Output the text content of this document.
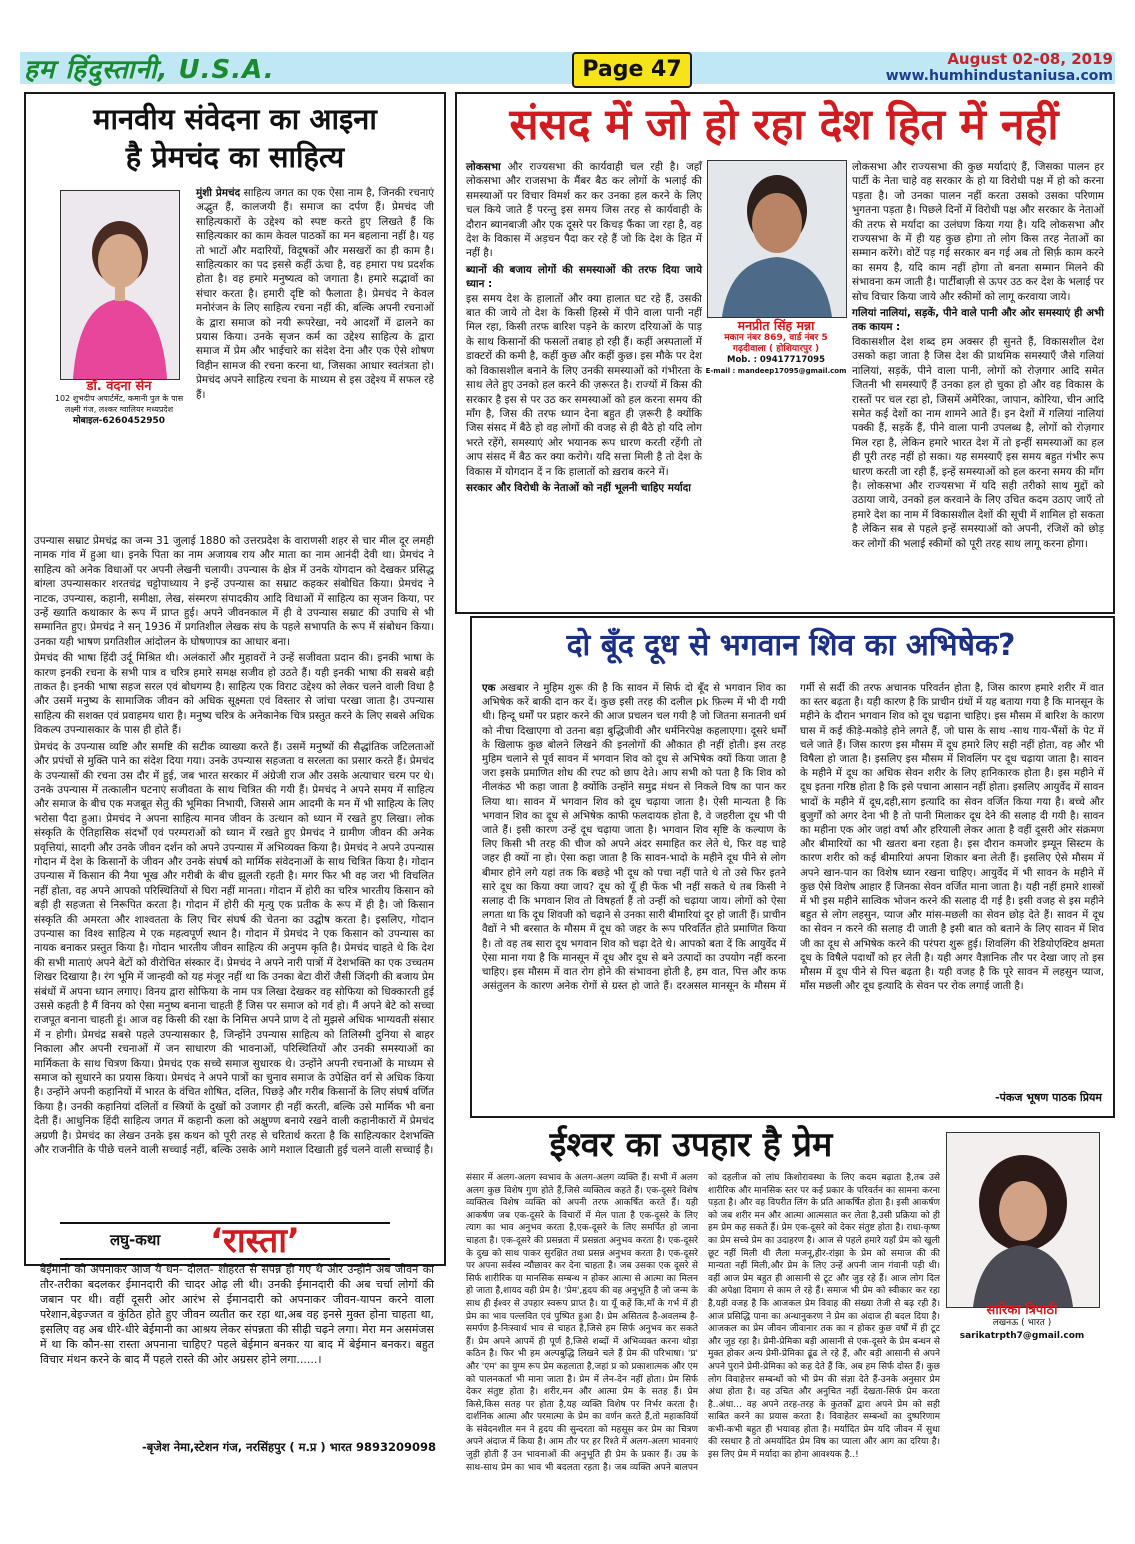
हम हिंदुस्तानी, U.S.A.	Page 47	August 02-08, 2019
www.humhindustaniusa.com
मानवीय संवेदना का आइना
है प्रेमचंद का साहित्य
डॉ. वंदना सेन
102 शुभदीप अपार्टमेंट, कमानी पुल के पास
लक्ष्मी गंज, लश्कर ग्वालियर मध्यप्रदेश
मोबाइल-6260452950
मुंशी प्रेमचंद साहित्य जगत का एक ऐसा नाम है, जिनकी रचनाएं अद्भुत हैं, कालजयी हैं। समाज का दर्पण हैं। प्रेमचंद जी साहित्यकारों के उद्देश्य को स्पष्ट करते हुए लिखते हैं कि साहित्यकार का काम केवल पाठकों का मन बहलाना नहीं है। यह तो भाटों और मदारियों, विदूषकों और मसखरों का ही काम है। साहित्यकार का पद इससे कहीं ऊंचा है, वह हमारा पथ प्रदर्शक होता है। वह हमारे मनुष्यत्व को जगाता है। हमारे सद्भावों का संचार करता है। हमारी दृष्टि को फैलाता है। प्रेमचंद ने केवल मनोरंजन के लिए साहित्य रचना नहीं की, बल्कि अपनी रचनाओं के द्वारा समाज को नयी रूपरेखा, नये आदर्शों में ढालने का प्रयास किया। उनके सृजन कर्म का उद्देश्य साहित्य के द्वारा समाज में प्रेम और भाईचारे का संदेश देना और एक ऐसे शोषण विहीन सामज की रचना करना था, जिसका आधार स्वतंत्रता हो। प्रेमचंद अपने साहित्य रचना के माध्यम से इस उद्देश्य में सफल रहे हैं।

उपन्यास सम्राट प्रेमचंद्र का जन्म 31 जुलाई 1880 को उत्तरप्रदेश के वाराणसी शहर से चार मील दूर लमही नामक गांव में हुआ था। इनके पिता का नाम अजायब राय और माता का नाम आनंदी देवी था। प्रेमचंद ने साहित्य को अनेक विधाओं पर अपनी लेखनी चलायी। उपन्यास के क्षेत्र में उनके योगदान को देखकर प्रसिद्ध बांग्ला उपन्यासकार शरतचंद्र चट्टोपाध्याय ने इन्हें उपन्यास का सम्राट कहकर संबोधित किया। प्रेमचंद ने नाटक, उपन्यास, कहानी, समीक्षा, लेख, संस्मरण संपादकीय आदि विधाओं में साहित्य का सृजन किया, पर उन्हें ख्याति कथाकार के रूप में प्राप्त हुई। अपने जीवनकाल में ही वे उपन्यास सम्राट की उपाधि से भी सम्मानित हुए। प्रेमचंद्र ने सन् 1936 में प्रगतिशील लेखक संघ के पहले सभापति के रूप में संबोधन किया। उनका यही भाषण प्रगतिशील आंदोलन के घोषणापत्र का आधार बना।

प्रेमचंद की भाषा हिंदी उर्दू मिश्रित थी। अलंकारों और मुहावरों ने उन्हें सजीवता प्रदान की। इनकी भाषा के कारण इनकी रचना के सभी पात्र व चरित्र हमारे समक्ष सजीव हो उठते हैं। यही इनकी भाषा की सबसे बड़ी ताकत है। इनकी भाषा सहज सरल एवं बोधगम्य है। साहित्य एक विराट उद्देश्य को लेकर चलने वाली विधा है और उसमें मनुष्य के सामाजिक जीवन को अधिक सूक्ष्मता एवं विस्तार से जांचा परखा जाता है। उपन्यास साहित्य की सशक्त एवं प्रवाहमय धारा है। मनुष्य चरित्र के अनेकानेक चित्र प्रस्तुत करने के लिए सबसे अधिक विकल्प उपन्यासकार के पास ही होते हैं।

प्रेमचंद के उपन्यास व्यष्टि और समष्टि की सटीक व्याख्या करते हैं। उसमें मनुष्यों की सैद्धांतिक जटिलताओं और प्रपंचों से मुक्ति पाने का संदेश दिया गया। उनके उपन्यास सहजता व सरलता का प्रसार करते हैं। प्रेमचंद के उपन्यासों की रचना उस दौर में हुई, जब भारत सरकार में अंग्रेजी राज और उसके अत्याचार चरम पर थे। उनके उपन्यास में तत्कालीन घटनाएं सजीवता के साथ चित्रित की गयी हैं। प्रेमचंद ने अपने समय में साहित्य और समाज के बीच एक मजबूत सेतु की भूमिका निभायी, जिससे आम आदमी के मन में भी साहित्य के लिए भरोसा पैदा हुआ। प्रेमचंद ने अपना साहित्य मानव जीवन के उत्थान को ध्यान में रखते हुए लिखा। लोक संस्कृति के ऐतिहासिक संदर्भों एवं परम्पराओं को ध्यान में रखते हुए प्रेमचंद ने ग्रामीण जीवन की अनेक प्रवृत्तियां, सादगी और उनके जीवन दर्शन को अपने उपन्यास में अभिव्यक्त किया है। प्रेमचंद ने अपने उपन्यास गोदान में देश के किसानों के जीवन और उनके संघर्ष को मार्मिक संवेदनाओं के साथ चित्रित किया है। गोदान उपन्यास में किसान की नैया भूख और गरीबी के बीच झूलती रहती है। मगर फिर भी वह जरा भी विचलित नहीं होता, वह अपने आपको परिस्थितियों से घिरा नहीं मानता। गोदान में होरी का चरित्र भारतीय किसान को बड़ी ही सहजता से निरूपित करता है। गोदान में होरी की मृत्यु एक प्रतीक के रूप में ही है। जो किसान संस्कृति की अमरता और शाश्वतता के लिए चिर संघर्ष की चेतना का उद्घोष करता है। इसलिए, गोदान उपन्यास का विश्व साहित्य मे एक महत्वपूर्ण स्थान है। गोदान में प्रेमचंद ने एक किसान को उपन्यास का नायक बनाकर प्रस्तुत किया है। गोदान भारतीय जीवन साहित्य की अनुपम कृति है। प्रेमचंद चाहते थे कि देश की सभी माताएं अपने बेटों को वीरोचित संस्कार दें। प्रेमचंद ने अपने नारी पात्रों में देशभक्ति का एक उच्चतम शिखर दिखाया है। रंग भूमि में जान्हवी को यह मंजूर नहीं था कि उनका बेटा वीरों जैसी जिंदगी की बजाय प्रेम संबंधों में अपना ध्यान लगाए। विनय द्वारा सोफिया के नाम पत्र लिखा देखकर वह सोफिया को धिक्कारती हुई उससे कहती है मैं विनय को ऐसा मनुष्य बनाना चाहती हैं जिस पर समाज को गर्व हो। मैं अपने बेटे को सच्चा राजपूत बनाना चाहती हूं। आज वह किसी की रक्षा के निमित्त अपने प्राण दे तो मुझसे अधिक भाग्यवती संसार में न होगी। प्रेमचंद्र सबसे पहले उपन्यासकार है, जिन्होंने उपन्यास साहित्य को तिलिस्मी दुनिया से बाहर निकाला और अपनी रचनाओं में जन साधारण की भावनाओं, परिस्थितियों और उनकी समस्याओं का मार्मिकता के साथ चित्रण किया। प्रेमचंद एक सच्चे समाज सुधारक थे। उन्होंने अपनी रचनाओं के माध्यम से समाज को सुधारने का प्रयास किया। प्रेमचंद ने अपने पात्रों का चुनाव समाज के उपेक्षित वर्ग से अधिक किया है। उन्होंने अपनी कहानियों में भारत के वंचित शोषित, दलित, पिछड़े और गरीब किसानों के लिए संघर्ष वर्णित किया है। उनकी कहानियां दलितों व स्त्रियों के दुखों को उजागर ही नहीं करती, बल्कि उसे मार्मिक भी बना देती हैं। आधुनिक हिंदी साहित्य जगत में कहानी कला को अक्षुण्ण बनाये रखने वाली कहानीकारों में प्रेमचंद अग्रणी है। प्रेमचंद का लेखन उनके इस कथन को पूरी तरह से चरितार्थ करता है कि साहित्यकार देशभक्ति और राजनीति के पीछे चलने वाली सच्चाई नहीं, बल्कि उसके आगे मशाल दिखाती हुई चलने वाली सच्चाई है।

लघु-कथा ‘रास्ता’
बेईमानी को अपनाकर आज ये धन- दौलत- शोहरत से संपन्न हो गए थे और उन्होंने अब जीवन का तौर-तरीका बदलकर ईमानदारी की चादर ओढ़ ली थी। उनकी ईमानदारी की अब चर्चा लोगों की जबान पर थी। वहीं दूसरी ओर आरंभ से ईमानदारी को अपनाकर जीवन-यापन करने वाला परेशान,बेइज्जत व कुंठित होते हुए जीवन व्यतीत कर रहा था,अब वह इनसे मुक्त होना चाहता था, इसलिए वह अब धीरे-धीरे बेईमानी का आश्रय लेकर संपन्नता की सीढ़ी चढ़ने लगा। मेरा मन असमंजस में था कि कौन-सा रास्ता अपनाना चाहिए? पहले बेईमान बनकर या बाद में बेईमान बनकर। बहुत विचार मंथन करने के बाद मैं पहले रास्ते की ओर अग्रसर होने लगा......।
-बृजेश नेमा,स्टेशन गंज, नरसिंहपुर ( म.प्र ) भारत 9893209098
संसद में जो हो रहा देश हित में नहीं
लोकसभा और राज्यसभा की कार्यवाही चल रही है। जहाँ लोकसभा और राजसभा के मैंबर बैठ कर लोगों के भलाई की समस्याओं पर विचार विमर्श कर कर उनका हल करने के लिए चल किये जाते हैं परन्तु इस समय जिस तरह से कार्यवाही के दौरान ब्यानबाजी और एक दूसरे पर किचड़ फैंका जा रहा है, वह देश के विकास में अड़चन पैदा कर रहे हैं जो कि देश के हित में नहीं है।
ब्यानों की बजाय लोगों की समस्याओं की तरफ दिया जाये ध्यान :
इस समय देश के हालातों और क्या हालात घट रहे हैं, उसकी बात की जाये तो देश के किसी हिस्से में पीने वाला पानी नहीं मिल रहा, किसी तरफ बारिश पड़ने के कारण दरियाओं के पाड़ के साथ किसानों की फसलों तबाह हो रही हैं। कहीं अस्पतालों में डाक्टरों की कमी है, कहीं कुछ और कहीं कुछ। इस मौके पर देश को विकासशील बनाने के लिए उनकी समस्याओं को गंभीरता के साथ लेते हुए उनको हल करने की ज़रूरत है। राज्यों में किस की सरकार है इस से पर उठ कर समस्याओं को हल करना समय की माँग है, जिस की तरफ ध्यान देना बहुत ही ज़रूरी है क्योंकि जिस संसद में बैठे हो वह लोगों की वजह से ही बैठे हो यदि लोग भरते रहेंगे, समस्याएं ओर भयानक रूप धारण करती रहेंगी तो आप संसद में बैठ कर क्या करोगे। यदि सत्ता मिली है तो देश के विकास में योगदान दें न कि हालातों को ख़राब करने में।
सरकार और विरोधी के नेताओं को नहीं भूलनी चाहिए मर्यादा
मनप्रीत सिंह मन्ना
मकान नंबर 869, वार्ड नंबर 5
गढ़दीवाला ( होशियारपुर )
Mob. : 09417717095
E-mail : mandeep17095@gmail.com
लोकसभा और राज्यसभा की कुछ मर्यादाएं हैं, जिसका पालन हर पार्टी के नेता चाहे वह सरकार के हो या विरोधी पक्ष में हो को करना पड़ता है। जो उनका पालन नहीं करता उसको उसका परिणाम भुगतना पड़ता है। पिछले दिनों में विरोधी पक्ष और सरकार के नेताओं की तरफ से मर्यादा का उलंघण किया गया है। यदि लोकसभा और राज्यसभा के में ही यह कुछ होगा तो लोग किस तरह नेताओं का सम्मान करेंगे। वोटें पड़ गई सरकार बन गई अब तो सिर्फ़ काम करने का समय है, यदि काम नहीं होगा तो बनता सम्मान मिलने की संभावना कम जाती है। पार्टीबाज़ी से ऊपर उठ कर देश के भलाई पर सोच विचार किया जाये और स्कीमों को लागू करवाया जाये।
गलियां नालियां, सड़कें, पीने वाले पानी और ओर समस्याएं ही अभी तक कायम :
विकासशील देश शब्द हम अक्सर ही सुनते हैं, विकासशील देश उसको कहा जाता है जिस देश की प्राथमिक समस्याएँ जैसे गलियां नालियां, सड़कें, पीने वाला पानी, लोगों को रोज़गार आदि समेत जितनी भी समस्याएँ हैं उनका हल हो चुका हो और वह विकास के रास्तों पर चल रहा हो, जिसमें अमेरिका, जापान, कोरिया, चीन आदि समेत कई देशों का नाम शामने आते हैं। इन देशों में गलियां नालियां पक्की हैं, सड़कें हैं, पीने वाला पानी उपलब्ध है, लोगों को रोज़गार मिल रहा है, लेकिन हमारे भारत देश में तो इन्हीं समस्याओं का हल ही पूरी तरह नहीं हो सका। यह समस्याएँ इस समय बहुत गंभीर रूप धारण करती जा रही हैं, इन्हें समस्याओं को हल करना समय की माँग है। लोकसभा और राज्यसभा में यदि सही तरीको साथ मुद्दों को उठाया जाये, उनको हल करवाने के लिए उचित कदम उठाए जाएँ तो हमारे देश का नाम में विकासशील देशों की सूची में शामिल हो सकता है लेकिन सब से पहले इन्हें समस्याओं को अपनी, रंजिशें को छोड़ कर लोगों की भलाई स्कीमों को पूरी तरह साथ लागू करना होगा।
दो बूँद दूध से भगवान शिव का अभिषेक?
एक अखबार ने मुहिम शुरू की है कि सावन में सिर्फ दो बूँद से भगवान शिव का अभिषेक करें बाकी दान कर दें। कुछ इसी तरह की दलील pk फ़िल्म में भी दी गयी थी। हिन्दू धर्मों पर प्रहार करने की आज प्रचलन चल गयी है जो जितना सनातनी धर्म को नीचा दिखाएगा वो उतना बड़ा बुद्धिजीवी और धर्मनिरपेक्ष कहलाएगा। दूसरे धर्मों के खिलाफ कुछ बोलने लिखने की इनलोगों की औकात ही नहीं होती। इस तरह मुहिम चलाने से पूर्व सावन में भगवान शिव को दूध से अभिषेक क्यों किया जाता है जरा इसके प्रमाणित शोध की रपट को छाप देते। आप सभी को पता है कि शिव को नीलकंठ भी कहा जाता है क्योंकि उन्होंने समुद्र मंथन से निकले विष का पान कर लिया था। सावन में भगवान शिव को दूध चढ़ाया जाता है। ऐसी मान्यता है कि भगवान शिव का दूध से अभिषेक काफी फलदायक होता है, वे जहरीला दूध भी पी जाते हैं। इसी कारण उन्हें दूध चढ़ाया जाता है। भगवान शिव सृष्टि के कल्याण के लिए किसी भी तरह की चीज को अपने अंदर समाहित कर लेते थे, फिर वह चाहे जहर ही क्यों ना हो। ऐसा कहा जाता है कि सावन-भादो के महीने दूध पीने से लोग बीमार होने लगे यहां तक कि बछड़े भी दूध को पचा नहीं पाते थे तो उसे फिर इतने सारे दूध का किया क्या जाय? दूध को यूँ ही फेंक भी नहीं सकते थे तब किसी ने सलाह दी कि भगवान शिव तो विषहर्ता हैं तो उन्हीं को चढ़ाया जाय। लोगों को ऐसा लगता था कि दूध शिवजी को चढ़ाने से उनका सारी बीमारियां दूर हो जाती हैं। प्राचीन वैद्यों ने भी बरसात के मौसम में दूध को जहर के रूप परिवर्तित होते प्रमाणित किया है। तो वह तब सारा दूध भगवान शिव को चढ़ा देते थे। आपको बता दें कि आयुर्वेद में ऐसा माना गया है कि मानसून में दूध और दूध से बने उत्पादों का उपयोग नहीं करना चाहिए। इस मौसम में वात रोग होने की संभावना होती है, हम वात, पित्त और कफ असंतुलन के कारण अनेक रोगों से ग्रस्त हो जाते हैं। दरअसल मानसून के मौसम में गर्मी से सर्दी की तरफ अचानक परिवर्तन होता है, जिस कारण हमारे शरीर में वात का स्तर बढ़ता है। यही कारण है कि प्राचीन ग्रंथों में यह बताया गया है कि मानसून के महीने के दौरान भगवान शिव को दूध चढ़ाना चाहिए। इस मौसम में बारिश के कारण घास में कई कीड़े-मकोड़े होने लगते हैं, जो घास के साथ -साथ गाय-भैंसों के पेट में चले जाते हैं। जिस कारण इस मौसम में दूध हमारे लिए सही नहीं होता, वह और भी विषैला हो जाता है। इसलिए इस मौसम में शिवलिंग पर दूध चढ़ाया जाता है। सावन के महीने में दूध का अधिक सेवन शरीर के लिए हानिकारक होता है। इस महीने में दूध इतना गरिष्ठ होता है कि इसे पचाना आसान नहीं होता। इसलिए आयुर्वेद में सावन भादों के महीने में दूध,दही,साग इत्यादि का सेवन वर्जित किया गया है। बच्चे और बुजुर्गों को अगर देना भी है तो पानी मिलाकर दूध देने की सलाह दी गयी है। सावन का महीना एक ओर जहां वर्षा और हरियाली लेकर आता है वहीं दूसरी ओर संक्रमण और बीमारियों का भी खतरा बना रहता है। इस दौरान कमजोर इम्यून सिस्टम के कारण शरीर को कई बीमारियां अपना शिकार बना लेती हैं। इसलिए ऐसे मौसम में अपने खान-पान का विशेष ध्यान रखना चाहिए। आयुर्वेद में भी सावन के महीने में कुछ ऐसे विशेष आहार हैं जिनका सेवन वर्जित माना जाता है। यही नहीं हमारे शास्त्रों में भी इस महीने सात्विक भोजन करने की सलाह दी गई है। इसी वजह से इस महीने बहुत से लोग लहसुन, प्याज और मांस-मछली का सेवन छोड़ देते हैं। सावन में दूध का सेवन न करने की सलाह दी जाती है इसी बात को बताने के लिए सावन में शिव जी का दूध से अभिषेक करने की परंपरा शुरू हुई। शिवलिंग की रेडियोएक्टिव क्षमता दूध के विषैले पदार्थों को हर लेती है। यही अगर वैज्ञानिक तौर पर देखा जाए तो इस मौसम में दूध पीने से पित्त बढ़ता है। यही वजह है कि पूरे सावन में लहसुन प्याज, माँस मछली और दूध इत्यादि के सेवन पर रोक लगाई जाती है।
-पंकज भूषण पाठक प्रियम
ईश्वर का उपहार है प्रेम
सारिका त्रिपाठी
लखनऊ ( भारत )
sarikatrpth7@gmail.com
संसार में अलग-अलग स्वभाव के अलग-अलग व्यक्ति हैं। सभी में अलग अलग कुछ विशेष गुण होते हैं,जिसे व्यक्तित्व कहते हैं। एक-दूसरे विशेष व्यक्तित्व विशेष व्यक्ति को अपनी तरफ आकर्षित करते हैं। यही आकर्षण जब एक-दूसरे के विचारों में मेल पाता है एक-दूसरे के लिए त्याग का भाव अनुभव करता है,एक-दूसरे के लिए समर्पित हो जाना चाहता है। एक-दूसरे की प्रसन्नता में प्रसन्नता अनुभव करता है। एक-दूसरे के दुख को साथ पाकर सुरक्षित तथा प्रसन्न अनुभव करता है। एक-दूसरे पर अपना सर्वस्व न्यौछावर कर देना चाहता है। जब उसका एक दूसरे से सिर्फ शारीरिक या मानसिक सम्बन्ध न होकर आत्मा से आत्मा का मिलन हो जाता है,शायद वही प्रेम है। 'प्रेम',हृदय की वह अनुभूति है जो जन्म के साथ ही ईश्वर से उपहार स्वरूप प्राप्त है। या यूँ कहें कि,माँ के गर्भ में ही प्रेम का भाव पल्लवित एवं पुष्पित हुआ है। प्रेम असितत्व है-अवलम्ब है-समर्पण है-निःस्वार्थ भाव से चाहत है,जिसे हम सिर्फ अनुभव कर सकते हैं। प्रेम अपने आपमें ही पूर्ण है,जिसे शब्दों में अभिव्यक्त करना थोड़ा कठिन है। फिर भी हम अल्पबुद्धि लिखने चले हैं प्रेम की परिभाषा। 'प्र' और 'एम' का युग्म रूप प्रेम कहलाता है,जहां प्र को प्रकाशात्मक और एम को पालनकर्ता भी माना जाता है। प्रेम में लेन-देन नहीं होता। प्रेम सिर्फ देकर संतुष्ट होता है। शरीर,मन और आत्मा प्रेम के सतह हैं। प्रेम किसे,किस सतह पर होता है,यह व्यक्ति विशेष पर निर्भर करता है। दार्शनिक आत्मा और परमात्मा के प्रेम का वर्णन करते हैं,तो महाकवियों के संवेदनशील मन ने हृदय की सुन्दरता को महसूस कर प्रेम का चित्रण अपने अंदाज में किया है। आम तौर पर हर रिश्ते में अलग-अलग भावनाएं जुड़ी होती हैं उन भावनाओं की अनुभूति ही प्रेम के प्रकार हैं। उम्र के साथ-साथ प्रेम का भाव भी बदलता रहता है। जब व्यक्ति अपने बालपन को दहलीज को लांघ किशोरावस्था के लिए कदम बढ़ाता है,तब उसे शारीरिक और मानसिक स्तर पर कई प्रकार के परिवर्तन का सामना करना पड़ता है। और वह विपरीत लिंग के प्रति आकर्षित होता है। इसी आकर्षण को जब शरीर मन और आत्मा आत्मसात कर लेता है,उसी प्रक्रिया को ही हम प्रेम कह सकते हैं। प्रेम एक-दूसरे को देकर संतुष्ट होता है। राधा-कृष्ण का प्रेम सच्चे प्रेम का उदाहरण है। आज से पहले हमारे यहाँ प्रेम को खुली छूट नहीं मिली थी लैला मजनू,हीर-रांझा के प्रेम को समाज की की मान्यता नहीं मिली,और प्रेम के लिए उन्हें अपनी जान गंवानी पड़ी थी। वहीं आज प्रेम बहुत ही आसानी से टूट और जुड़ रहे हैं। आज लोग दिल की अपेक्षा दिमाग से काम ले रहे हैं। समाज भी प्रेम को स्वीकार कर रहा है,यही वजह है कि आजकल प्रेम विवाह की संख्या तेजी से बढ़ रही है। आज प्रसिद्धि पाना का अन्धानुकरण ने प्रेम का अंदाज ही बदल दिया है। आजकल का प्रेम जीवन जीवानार तक का न होकर कुछ वर्षों में ही टूट और जुड़ रहा है। प्रेमी-प्रेमिका बड़ी आसानी से एक-दूसरे के प्रेम बन्धन से मुक्त होकर अन्य प्रेमी-प्रेमिका ढूंढ ले रहे हैं, और बड़ी आसानी से अपने अपने पुराने प्रेमी-प्रेमिका को कह देते हैं कि, अब हम सिर्फ दोस्त हैं। कुछ लोग विवाहेत्तर सम्बन्धों को भी प्रेम की संज्ञा देते हैं-उनके अनुसार प्रेम अंधा होता है। वह उचित और अनुचित नहीं देखता-सिर्फ प्रेम करता है..अंधा... वह अपने तरह-तरह के कुतर्कों द्वारा अपने प्रेम को सही साबित करने का प्रयास करता है। विवाहेतर सम्बन्धों का दुष्परिणाम कभी-कभी बहुत ही भयावह होता है। मर्यादित प्रेम यदि जीवन में सुधा की रसधार है तो अमर्यादित प्रेम विष का प्याला और आग का दरिया है। इस लिए प्रेम में मर्यादा का होना आवश्यक है..!
